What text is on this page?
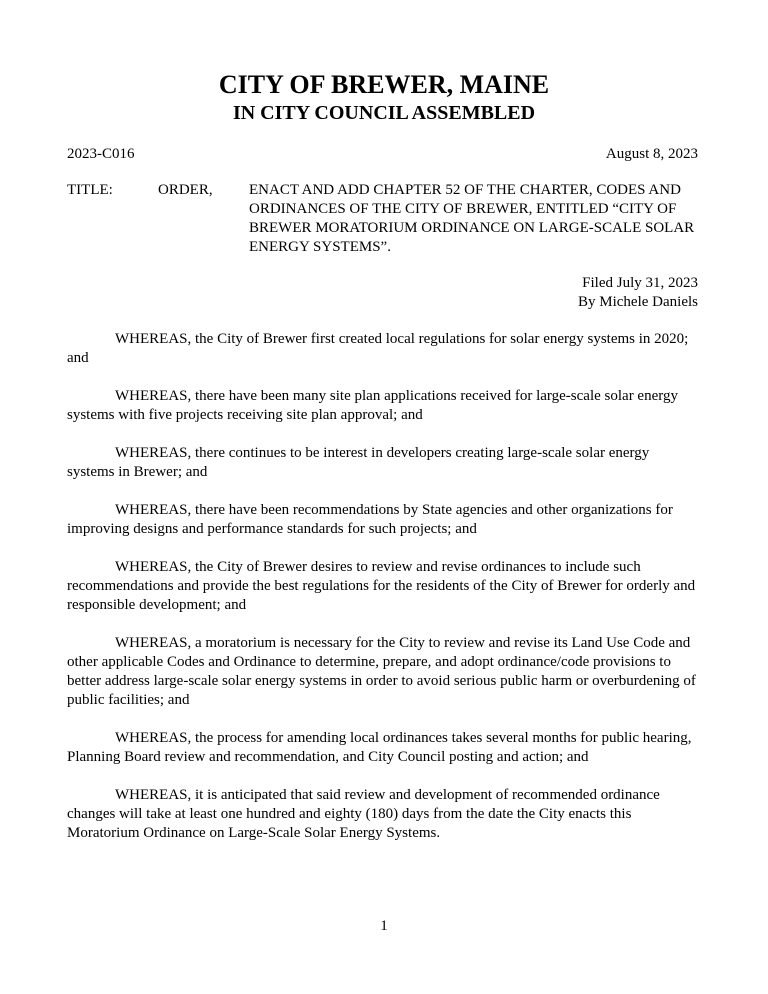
CITY OF BREWER, MAINE
IN CITY COUNCIL ASSEMBLED
2023-C016	August 8, 2023
TITLE:	ORDER, ENACT AND ADD CHAPTER 52 OF THE CHARTER, CODES AND ORDINANCES OF THE CITY OF BREWER, ENTITLED “CITY OF BREWER MORATORIUM ORDINANCE ON LARGE-SCALE SOLAR ENERGY SYSTEMS”.
Filed July 31, 2023
By Michele Daniels

WHEREAS, the City of Brewer first created local regulations for solar energy systems in 2020; and

WHEREAS, there have been many site plan applications received for large-scale solar energy systems with five projects receiving site plan approval; and

WHEREAS, there continues to be interest in developers creating large-scale solar energy systems in Brewer; and

WHEREAS, there have been recommendations by State agencies and other organizations for improving designs and performance standards for such projects; and

WHEREAS, the City of Brewer desires to review and revise ordinances to include such recommendations and provide the best regulations for the residents of the City of Brewer for orderly and responsible development; and

WHEREAS, a moratorium is necessary for the City to review and revise its Land Use Code and other applicable Codes and Ordinance to determine, prepare, and adopt ordinance/code provisions to better address large-scale solar energy systems in order to avoid serious public harm or overburdening of public facilities; and

WHEREAS, the process for amending local ordinances takes several months for public hearing, Planning Board review and recommendation, and City Council posting and action; and

WHEREAS, it is anticipated that said review and development of recommended ordinance changes will take at least one hundred and eighty (180) days from the date the City enacts this Moratorium Ordinance on Large-Scale Solar Energy Systems.

1
